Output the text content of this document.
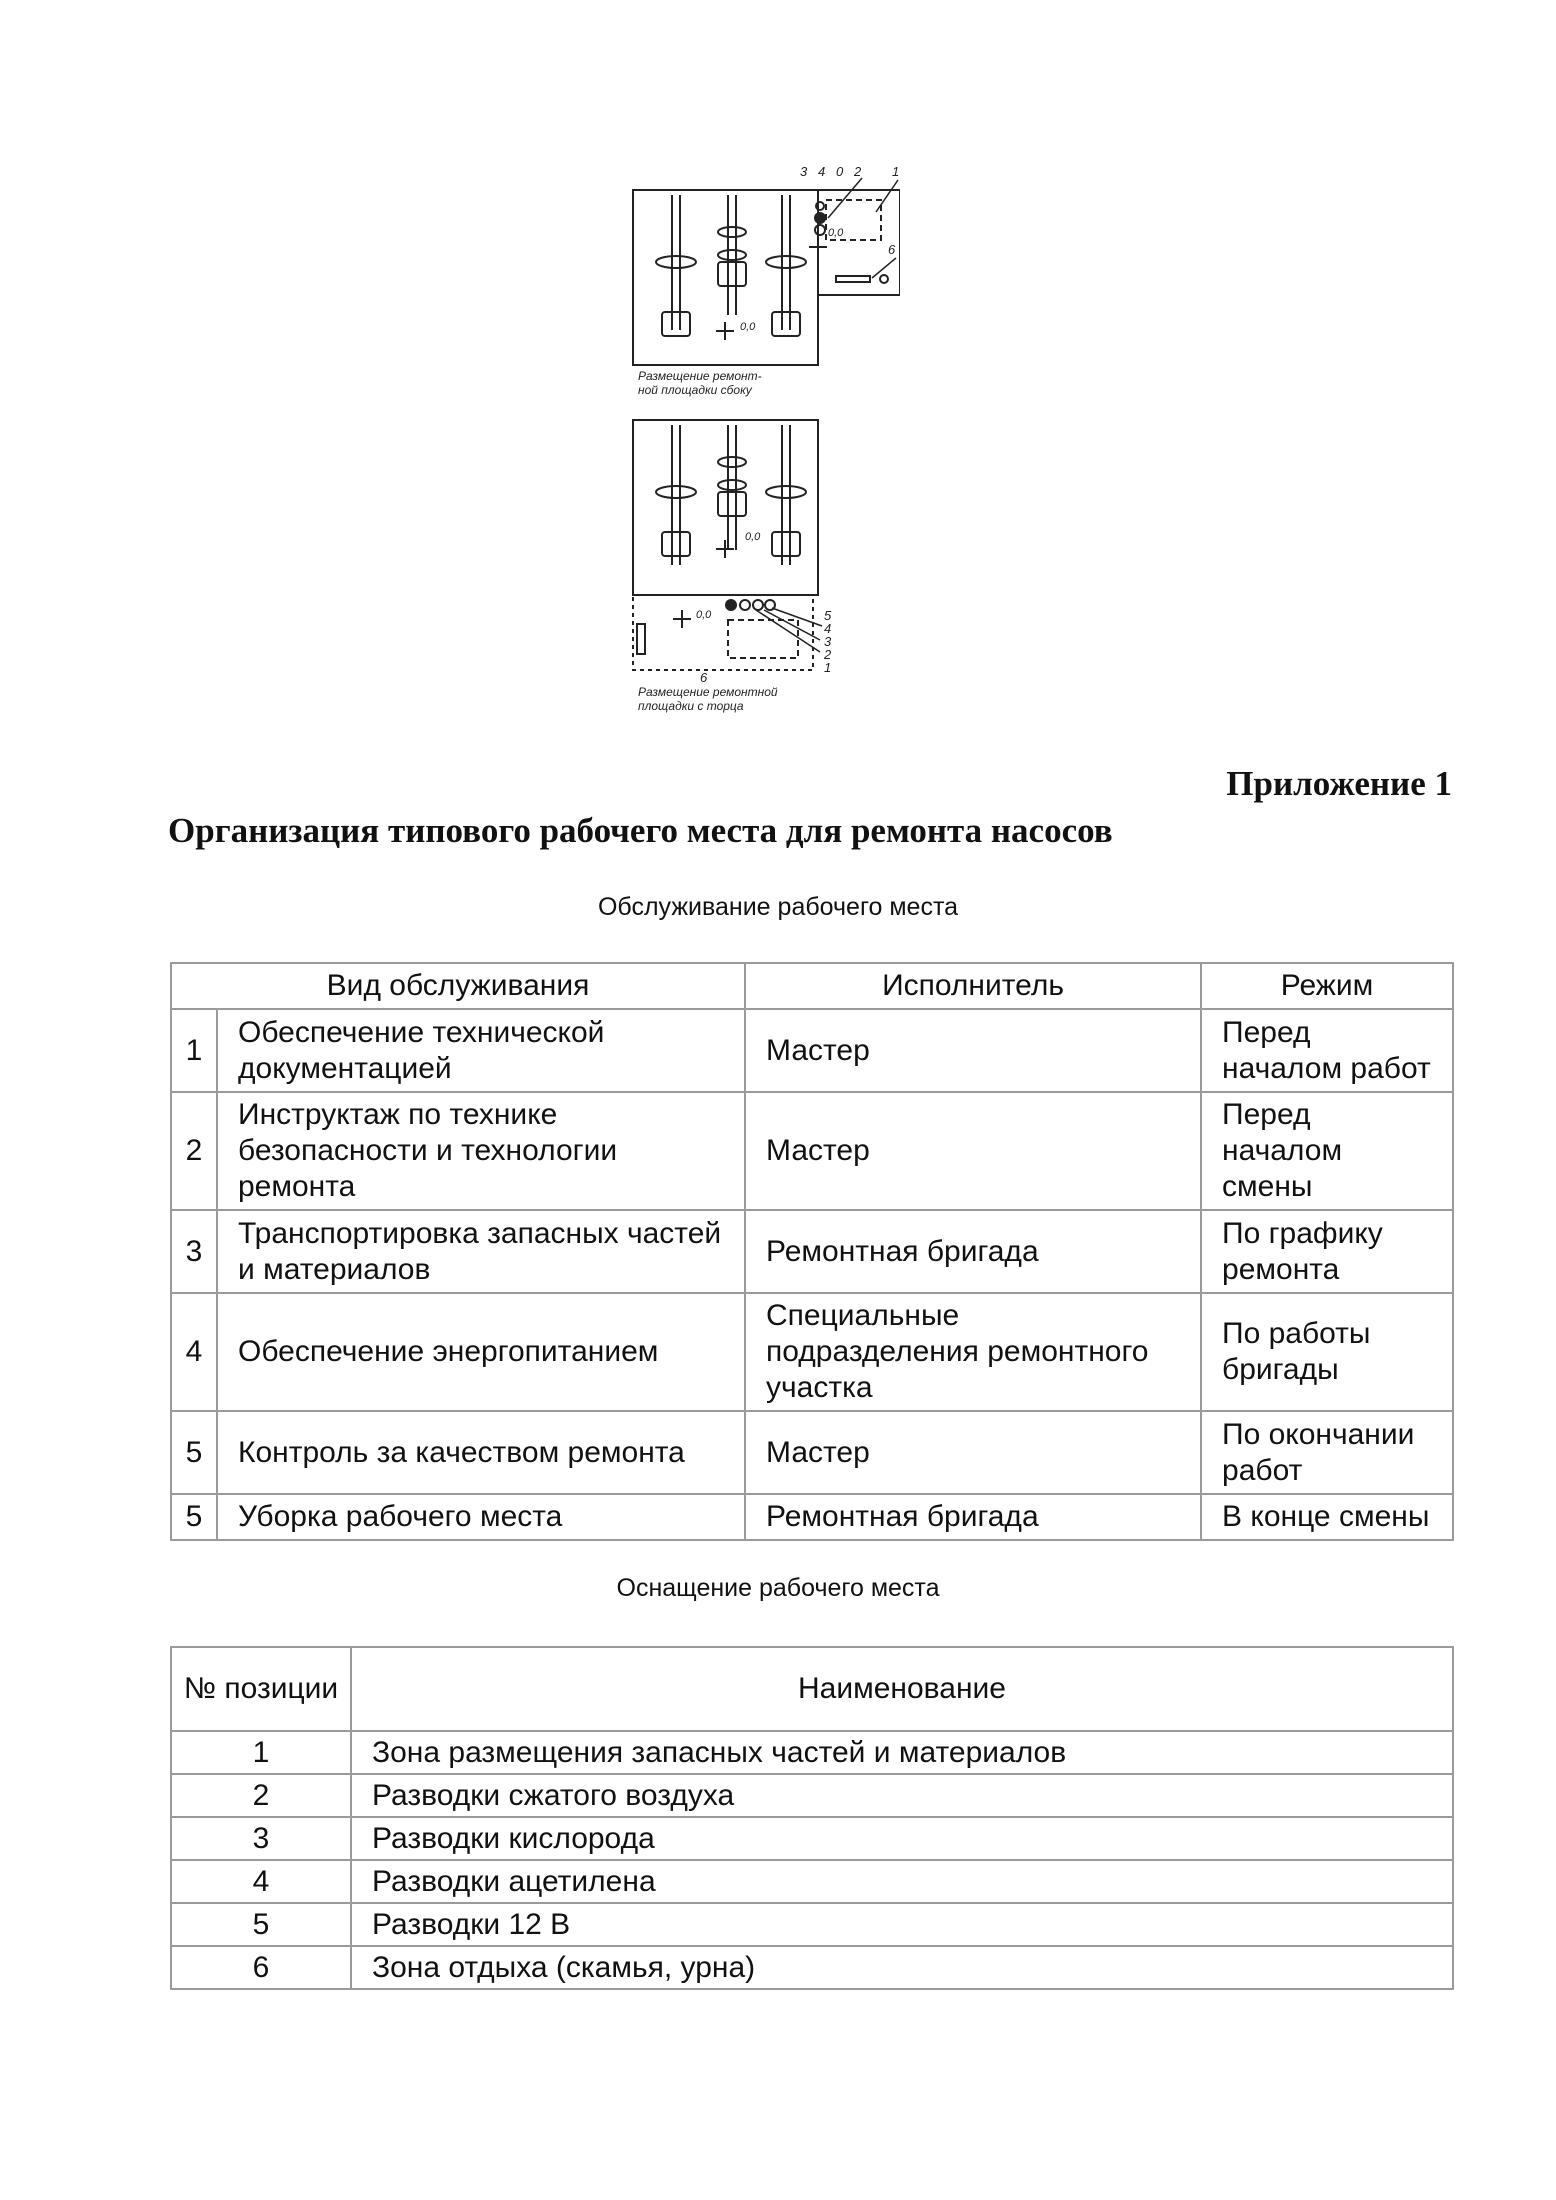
3 4 0 2 1
6
0,0
0,0
Размещение ремонт- ной площадки сбоку
0,0
0,0	5
4
3
2
1
6
Размещение ремонтной площадки с торца
Приложение 1
Организация типового рабочего места для ремонта насосов
Обслуживание рабочего места
Вид обслуживания		Исполнитель	Режим
1	Обеспечение технической документацией	Мастер	Перед началом работ
2	Инструктаж по технике безопасности и технологии ремонта	Мастер	Перед началом смены
3	Транспортировка запасных частей и материалов	Ремонтная бригада	По графику ремонта
4	Обеспечение энергопитанием	Специальные подразделения ремонтного участка	По работы бригады
5	Контроль за качеством ремонта	Мастер	По окончании работ
5	Уборка рабочего места	Ремонтная бригада	В конце смены
Оснащение рабочего места
№ позиции	Наименование
1	Зона размещения запасных частей и материалов
2	Разводки сжатого воздуха
3	Разводки кислорода
4	Разводки ацетилена
5	Разводки 12 В
6	Зона отдыха (скамья, урна)
